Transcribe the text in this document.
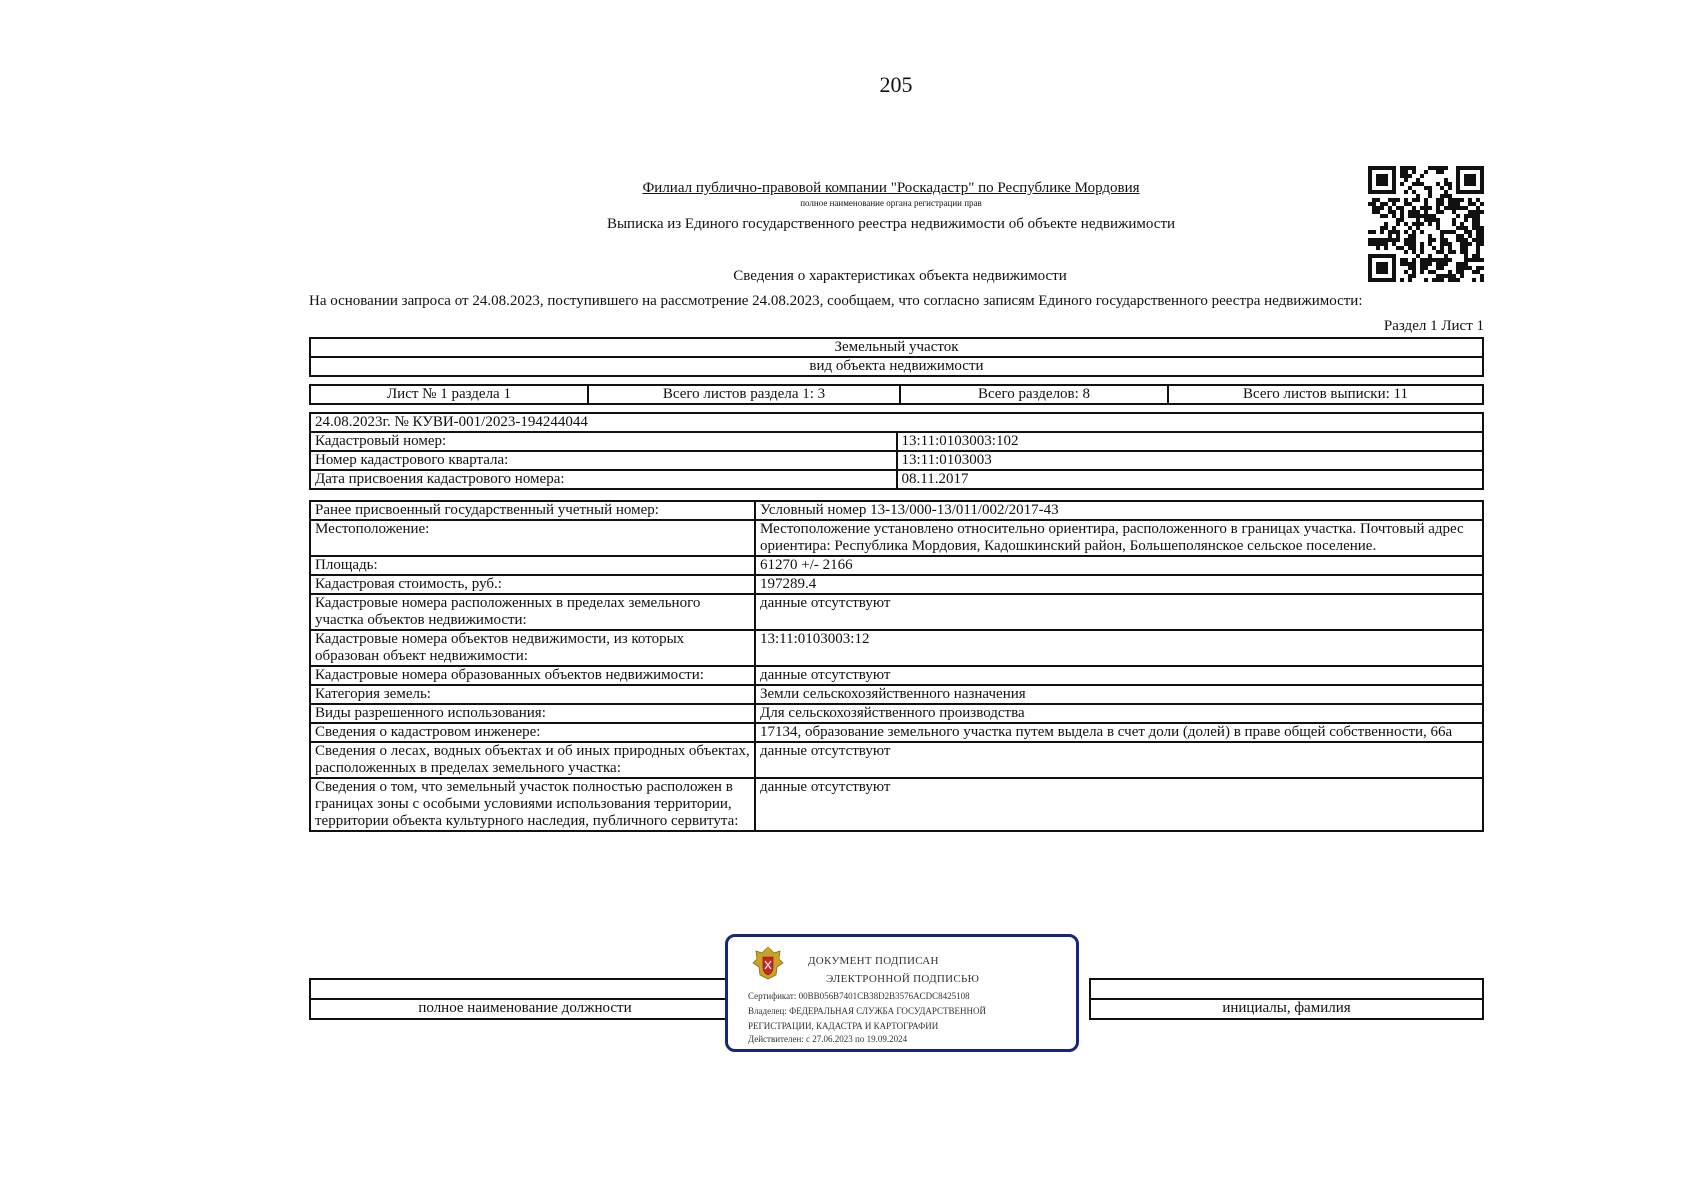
205
Филиал публично-правовой компании "Роскадастр" по Республике Мордовия
полное наименование органа регистрации прав
Выписка из Единого государственного реестра недвижимости об объекте недвижимости
Сведения о характеристиках объекта недвижимости
На основании запроса от 24.08.2023, поступившего на рассмотрение 24.08.2023, сообщаем, что согласно записям Единого государственного реестра недвижимости:
Раздел 1 Лист 1
Земельный участок
вид объекта недвижимости
Лист № 1 раздела 1	Всего листов раздела 1: 3	Всего разделов: 8	Всего листов выписки: 11
24.08.2023г. № КУВИ-001/2023-194244044	
Кадастровый номер:	13:11:0103003:102
Номер кадастрового квартала:	13:11:0103003
Дата присвоения кадастрового номера:	08.11.2017
Ранее присвоенный государственный учетный номер:	Условный номер 13-13/000-13/011/002/2017-43
Местоположение:	Местоположение установлено относительно ориентира, расположенного в границах участка. Почтовый адрес ориентира: Республика Мордовия, Кадошкинский район, Большеполянское сельское поселение.
Площадь:	61270 +/- 2166
Кадастровая стоимость, руб.:	197289.4
Кадастровые номера расположенных в пределах земельного участка объектов недвижимости:	данные отсутствуют
Кадастровые номера объектов недвижимости, из которых образован объект недвижимости:	13:11:0103003:12
Кадастровые номера образованных объектов недвижимости:	данные отсутствуют
Категория земель:	Земли сельскохозяйственного назначения
Виды разрешенного использования:	Для сельскохозяйственного производства
Сведения о кадастровом инженере:	17134, образование земельного участка путем выдела в счет доли (долей) в праве общей собственности, 66а
Сведения о лесах, водных объектах и об иных природных объектах, расположенных в пределах земельного участка:	данные отсутствуют
Сведения о том, что земельный участок полностью расположен в границах зоны с особыми условиями использования территории, территории объекта культурного наследия, публичного сервитута:	данные отсутствуют

полное наименование должности		инициалы, фамилия
ДОКУМЕНТ ПОДПИСАН
ЭЛЕКТРОННОЙ ПОДПИСЬЮ
Сертификат: 00BB056B7401CB38D2B3576ACDC8425108
Владелец: ФЕДЕРАЛЬНАЯ СЛУЖБА ГОСУДАРСТВЕННОЙ
РЕГИСТРАЦИИ, КАДАСТРА И КАРТОГРАФИИ
Действителен: с 27.06.2023 по 19.09.2024
